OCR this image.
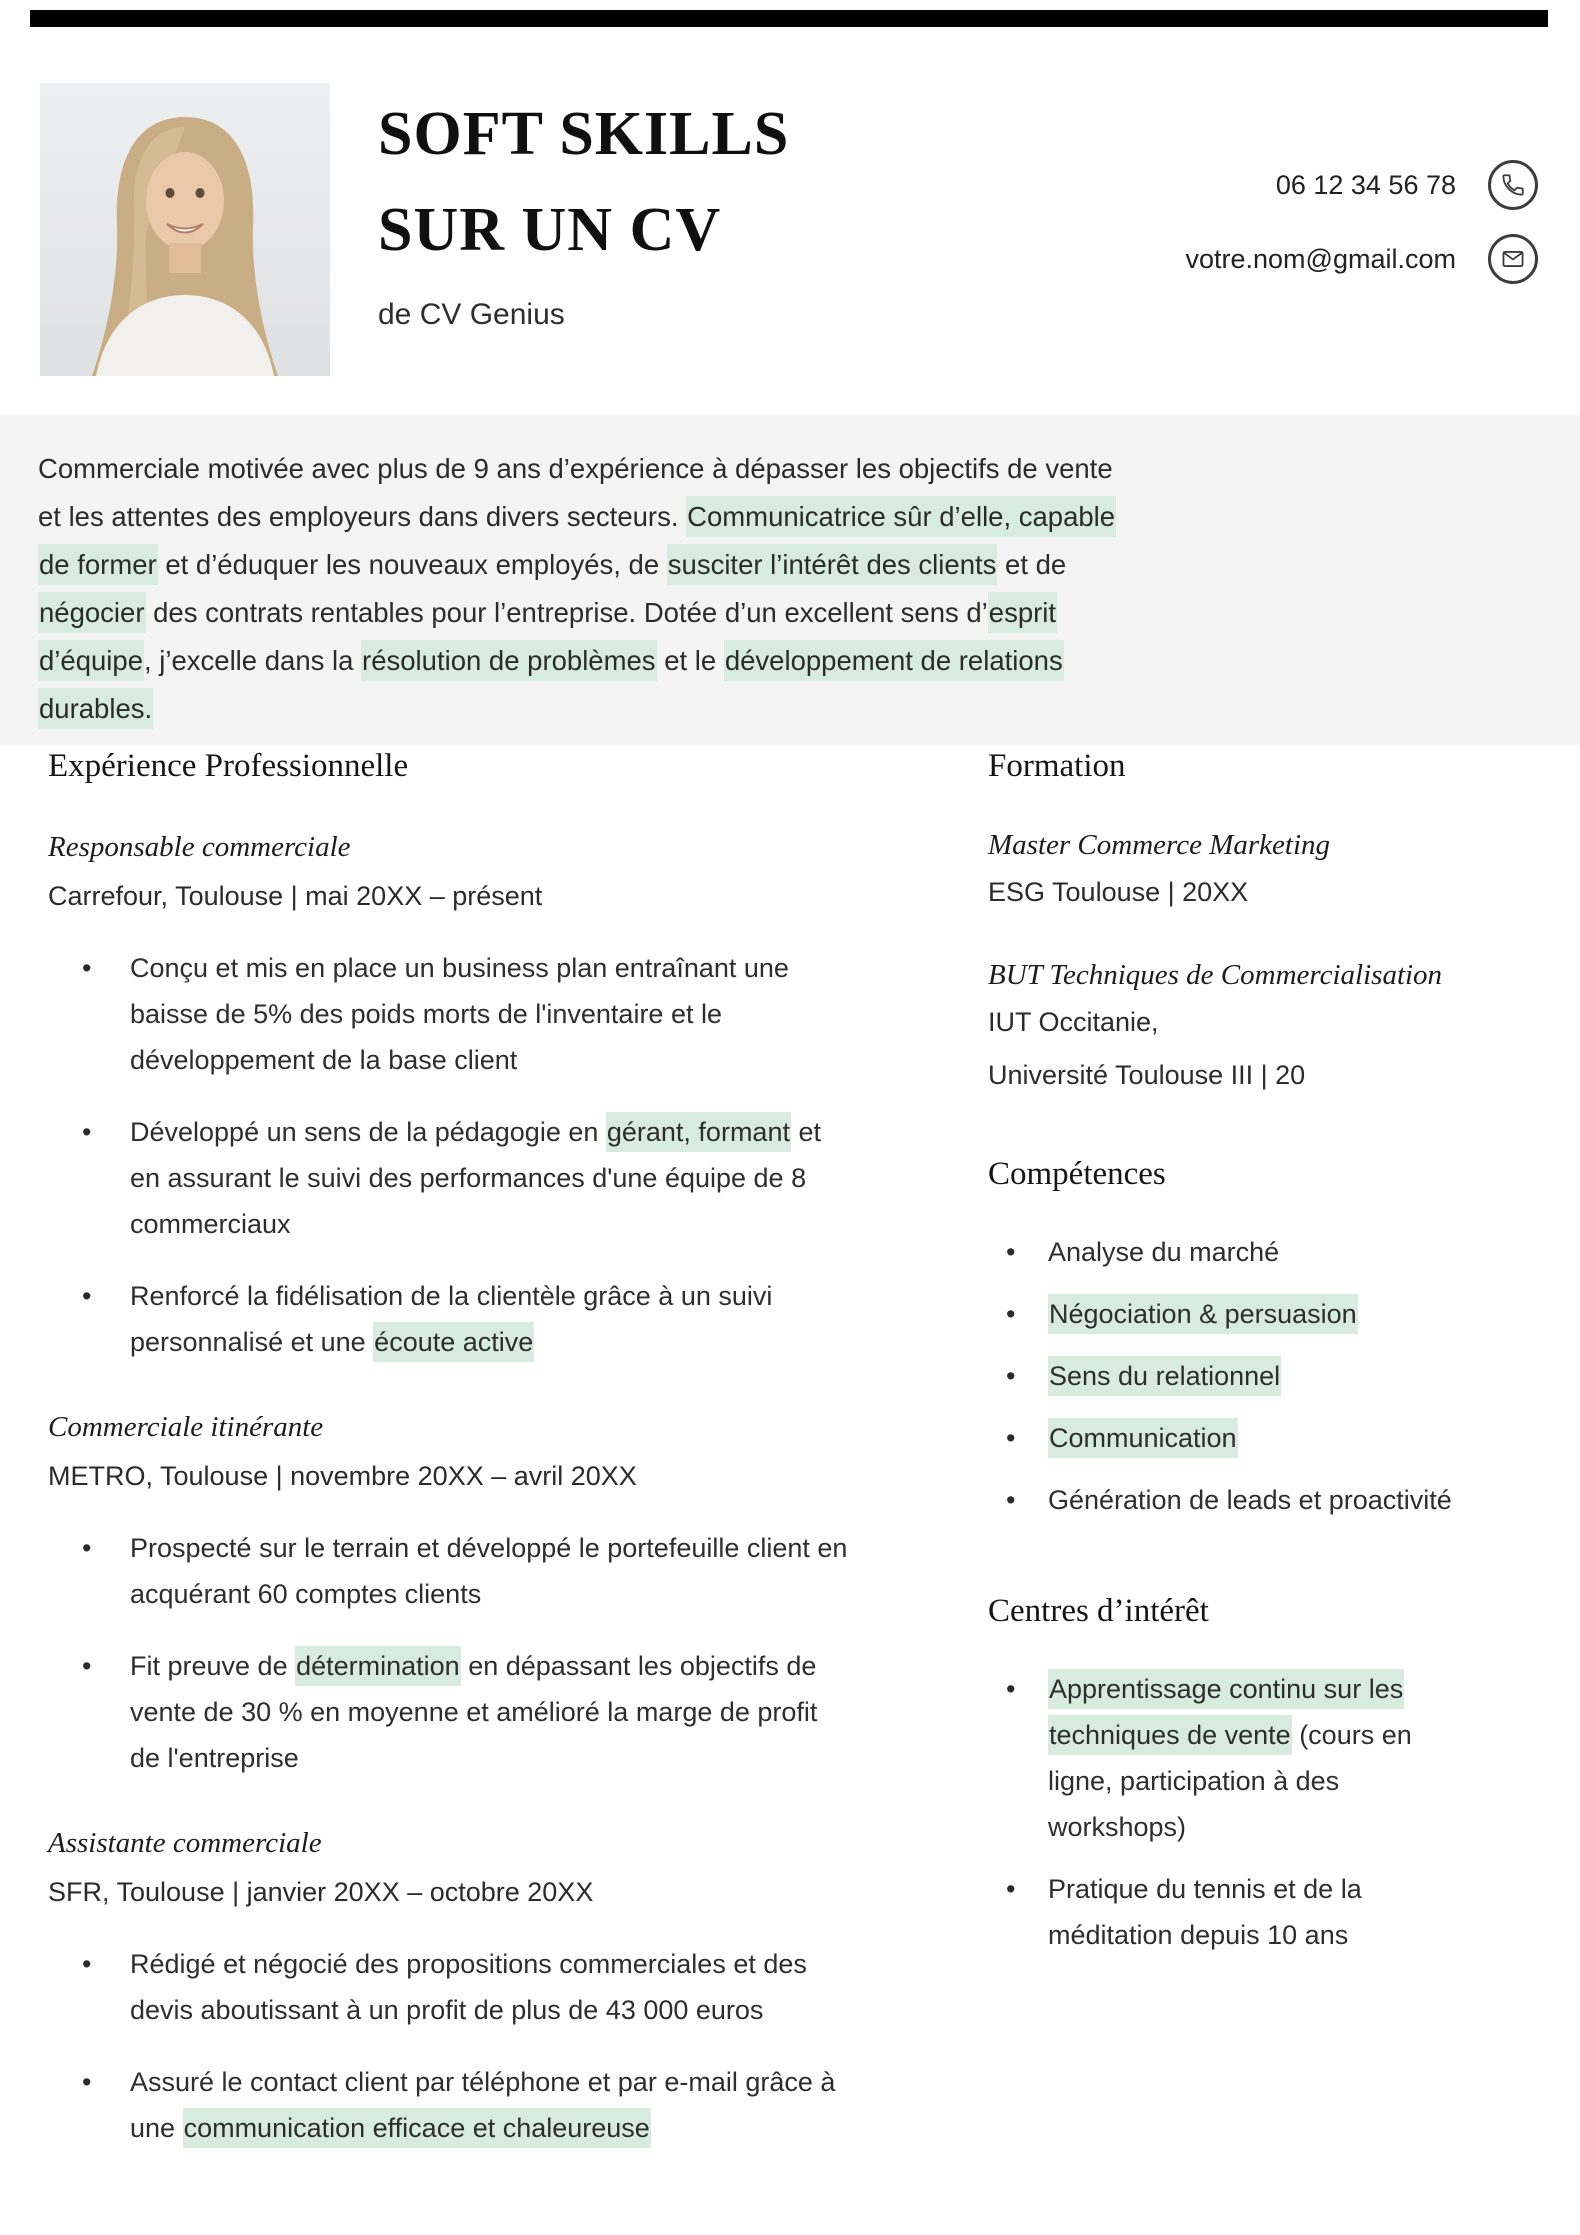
SOFT SKILLS
SUR UN CV
de CV Genius
06 12 34 56 78
votre.nom@gmail.com

Commerciale motivée avec plus de 9 ans d’expérience à dépasser les objectifs de vente et les attentes des employeurs dans divers secteurs. Communicatrice sûr d’elle, capable de former et d’éduquer les nouveaux employés, de susciter l’intérêt des clients et de négocier des contrats rentables pour l’entreprise. Dotée d’un excellent sens d’esprit d’équipe, j’excelle dans la résolution de problèmes et le développement de relations durables.

Expérience Professionnelle
Responsable commerciale
Carrefour, Toulouse | mai 20XX – présent
• Conçu et mis en place un business plan entraînant une baisse de 5% des poids morts de l'inventaire et le développement de la base client
• Développé un sens de la pédagogie en gérant, formant et en assurant le suivi des performances d'une équipe de 8 commerciaux
• Renforcé la fidélisation de la clientèle grâce à un suivi personnalisé et une écoute active
Commerciale itinérante
METRO, Toulouse | novembre 20XX – avril 20XX
• Prospecté sur le terrain et développé le portefeuille client en acquérant 60 comptes clients
• Fit preuve de détermination en dépassant les objectifs de vente de 30 % en moyenne et amélioré la marge de profit de l'entreprise
Assistante commerciale
SFR, Toulouse | janvier 20XX – octobre 20XX
• Rédigé et négocié des propositions commerciales et des devis aboutissant à un profit de plus de 43 000 euros
• Assuré le contact client par téléphone et par e-mail grâce à une communication efficace et chaleureuse
Formation
Master Commerce Marketing
ESG Toulouse | 20XX
BUT Techniques de Commercialisation
IUT Occitanie,
Université Toulouse III | 20
Compétences
• Analyse du marché
• Négociation & persuasion
• Sens du relationnel
• Communication
• Génération de leads et proactivité
Centres d’intérêt
• Apprentissage continu sur les techniques de vente (cours en ligne, participation à des workshops)
• Pratique du tennis et de la méditation depuis 10 ans
